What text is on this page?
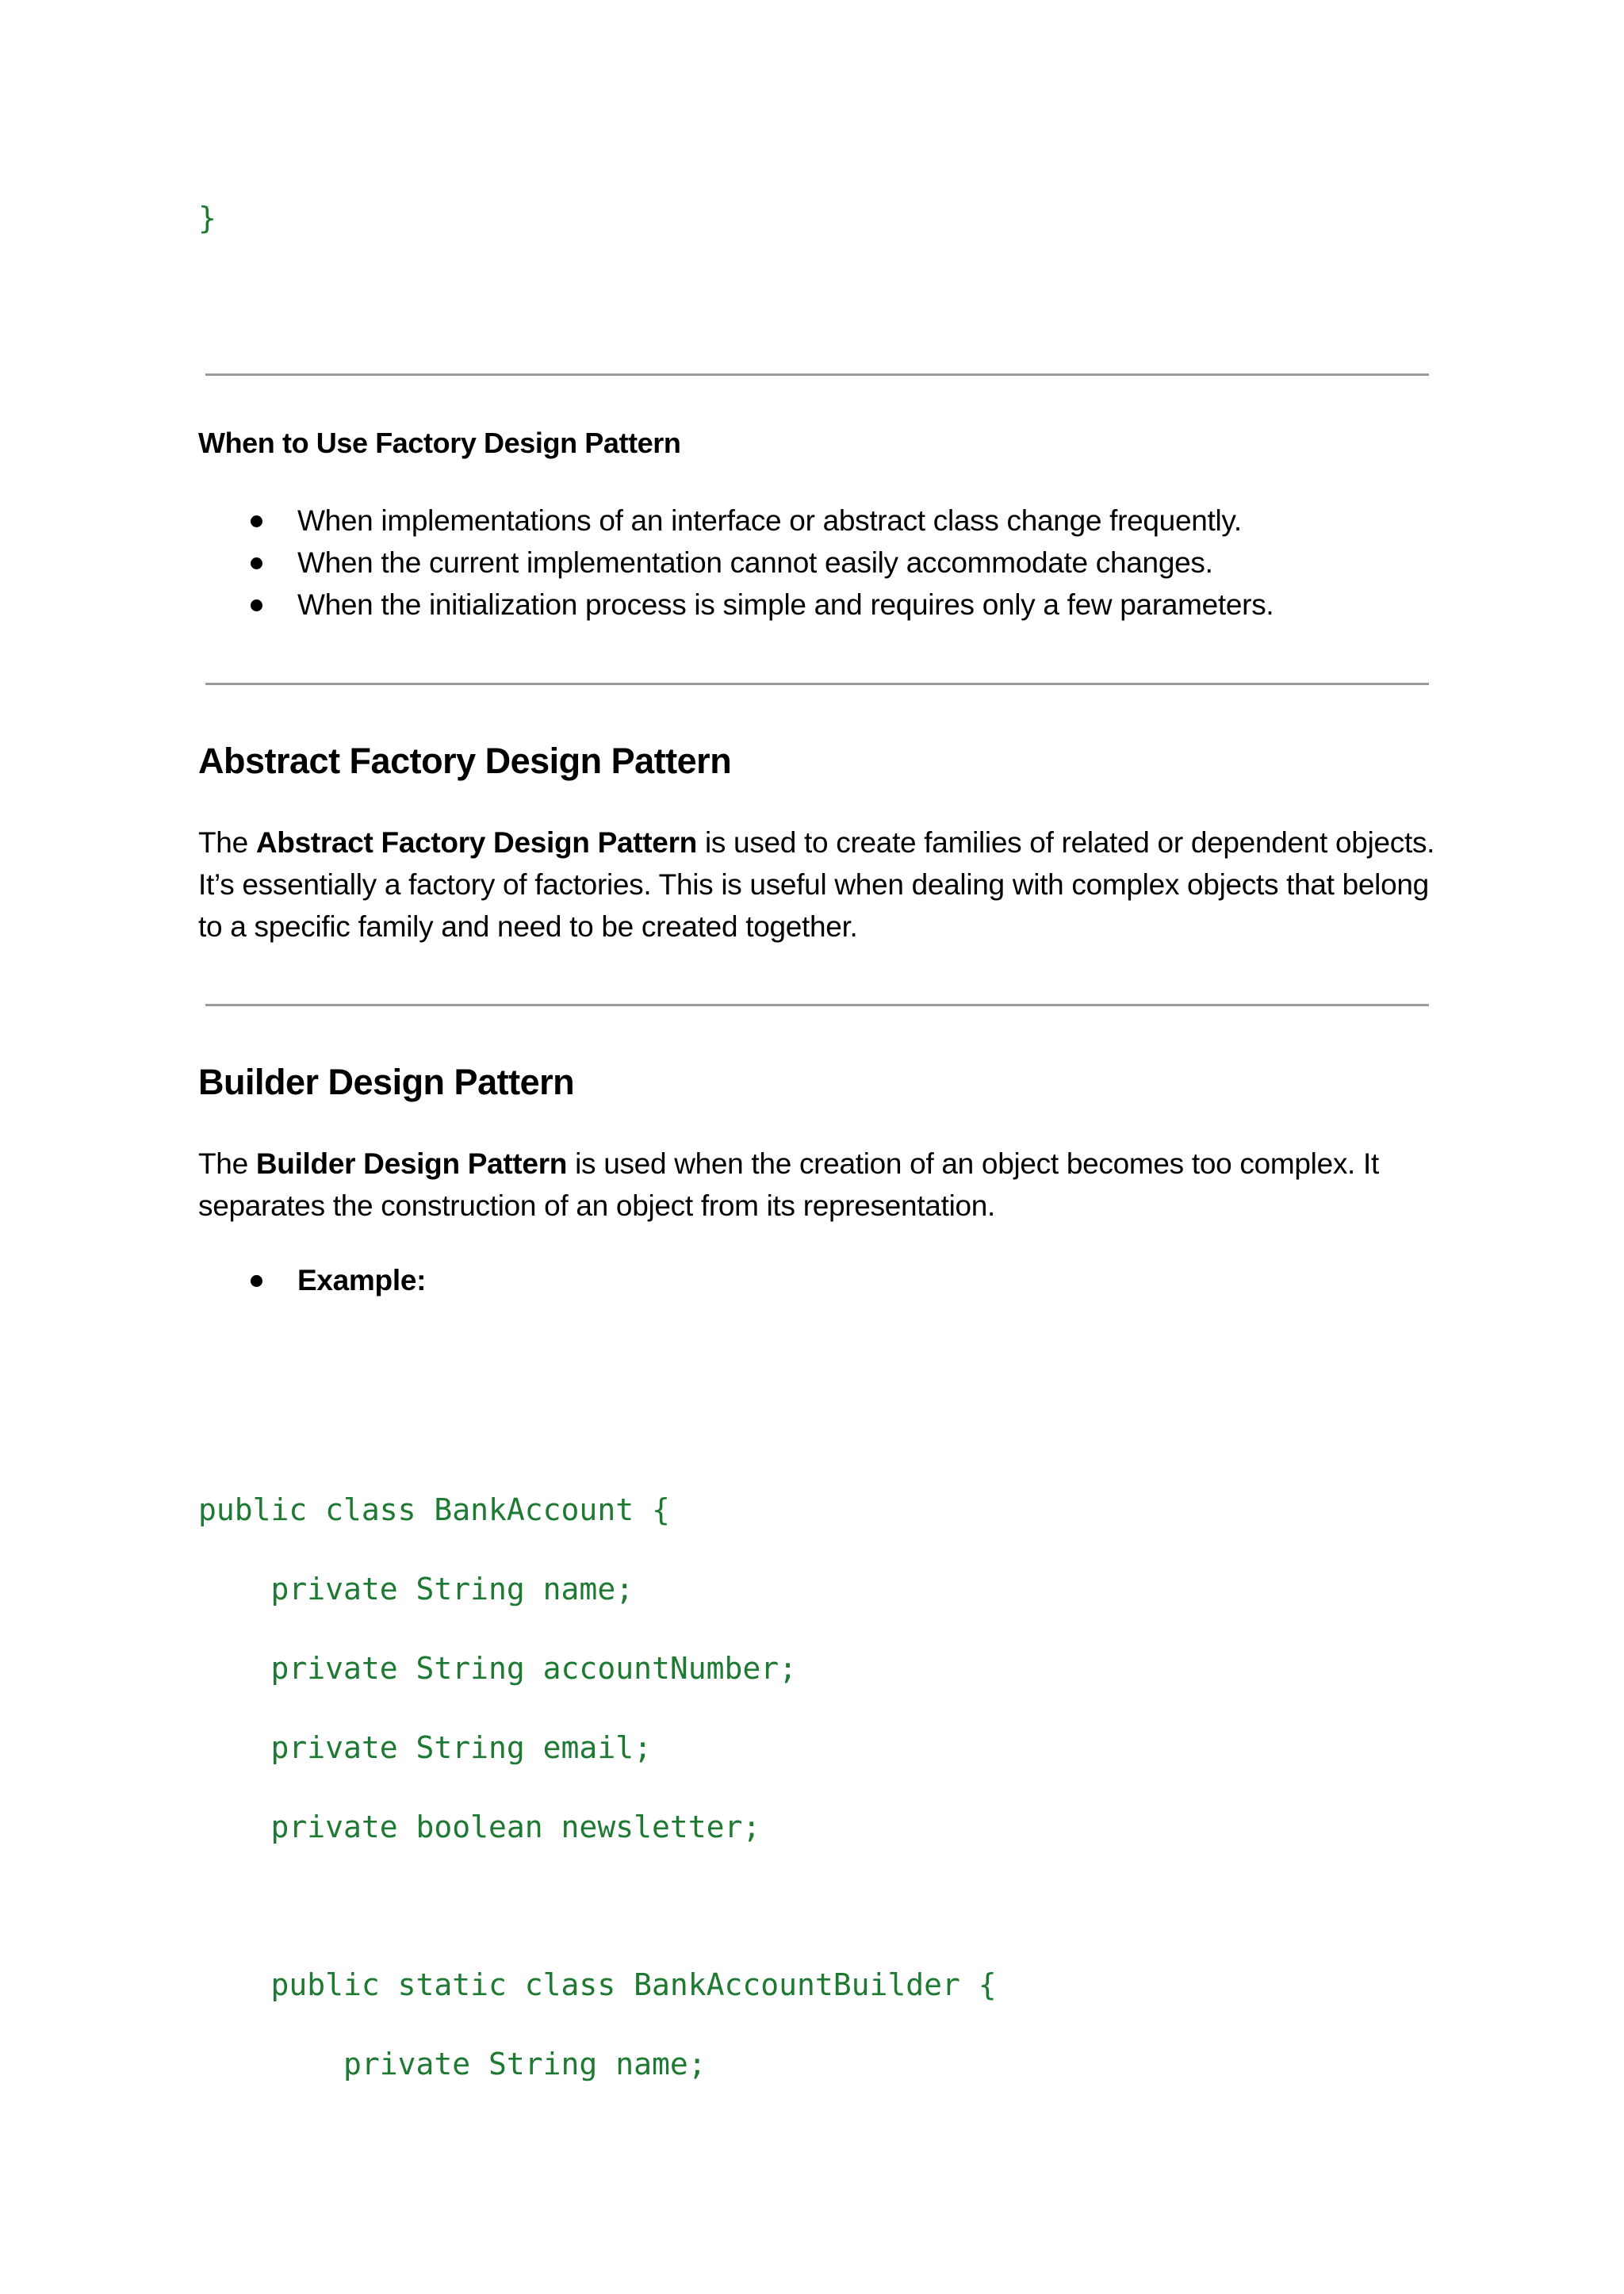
}
When to Use Factory Design Pattern
When implementations of an interface or abstract class change frequently.
When the current implementation cannot easily accommodate changes.
When the initialization process is simple and requires only a few parameters.
Abstract Factory Design Pattern
The Abstract Factory Design Pattern is used to create families of related or dependent objects. It’s essentially a factory of factories. This is useful when dealing with complex objects that belong to a specific family and need to be created together.
Builder Design Pattern
The Builder Design Pattern is used when the creation of an object becomes too complex. It separates the construction of an object from its representation.
Example:
public class BankAccount {
private String name;
private String accountNumber;
private String email;
private boolean newsletter;
public static class BankAccountBuilder {
private String name;
